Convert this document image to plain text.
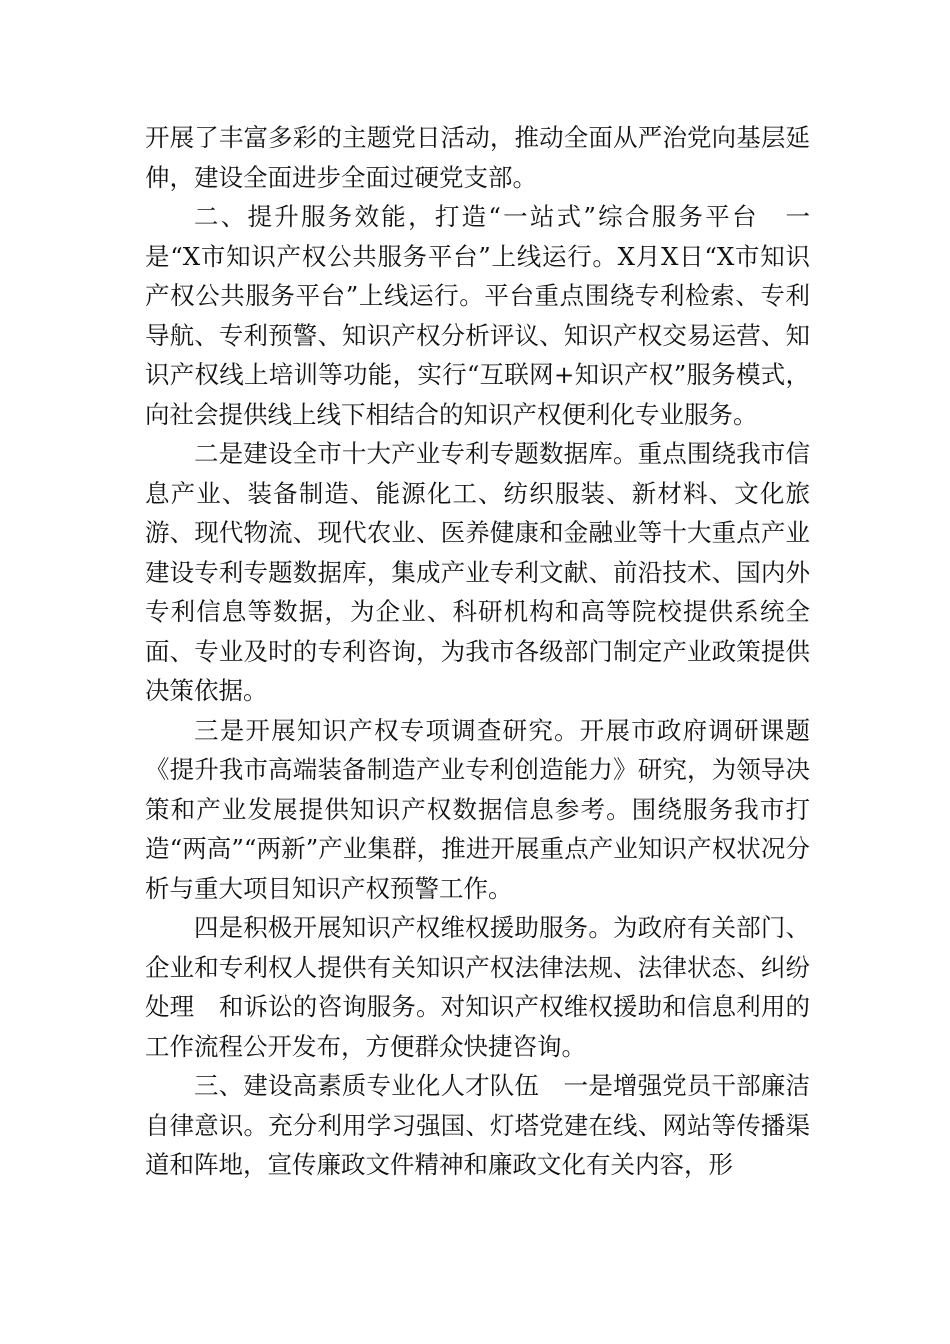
开展了丰富多彩的主题党日活动，推动全面从严治党向基层延伸，建设全面进步全面过硬党支部。

二、提升服务效能，打造“一站式”综合服务平台　一是“X市知识产权公共服务平台”上线运行。X月X日“X市知识产权公共服务平台”上线运行。平台重点围绕专利检索、专利导航、专利预警、知识产权分析评议、知识产权交易运营、知识产权线上培训等功能，实行“互联网+知识产权”服务模式，向社会提供线上线下相结合的知识产权便利化专业服务。

二是建设全市十大产业专利专题数据库。重点围绕我市信息产业、装备制造、能源化工、纺织服装、新材料、文化旅游、现代物流、现代农业、医养健康和金融业等十大重点产业建设专利专题数据库，集成产业专利文献、前沿技术、国内外专利信息等数据，为企业、科研机构和高等院校提供系统全面、专业及时的专利咨询，为我市各级部门制定产业政策提供决策依据。

三是开展知识产权专项调查研究。开展市政府调研课题《提升我市高端装备制造产业专利创造能力》研究，为领导决策和产业发展提供知识产权数据信息参考。围绕服务我市打造“两高”“两新”产业集群，推进开展重点产业知识产权状况分析与重大项目知识产权预警工作。

四是积极开展知识产权维权援助服务。为政府有关部门、企业和专利权人提供有关知识产权法律法规、法律状态、纠纷处理　和诉讼的咨询服务。对知识产权维权援助和信息利用的工作流程公开发布，方便群众快捷咨询。

三、建设高素质专业化人才队伍　一是增强党员干部廉洁自律意识。充分利用学习强国、灯塔党建在线、网站等传播渠道和阵地，宣传廉政文件精神和廉政文化有关内容，形
